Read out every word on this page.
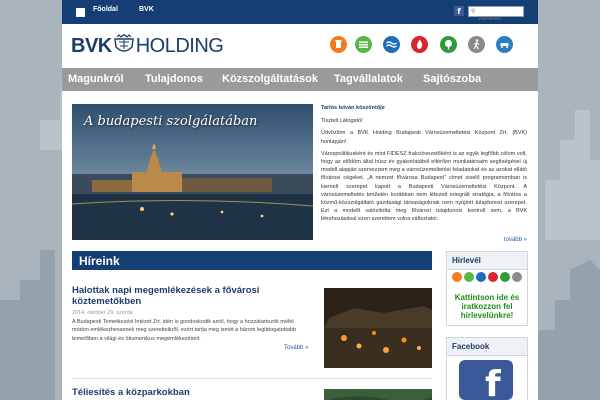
Főoldal	BVK	f	⚲
Keresés
BVK HOLDING
Magunkról Tulajdonos Közszolgáltatások Tagvállalatok Sajtószoba
A budapesti szolgálatában
Tarlós István köszöntője

Tisztelt Látogató!

Üdvözlöm a BVK Holding Budapesti Városüzemeltetési Központ Zrt. (BVK) honlapján!

Várospolitikusként és mint FIDESZ frakcióvezetőként is az egyik legfőbb célom volt, hogy az elődöm által húsz év gyakorlatából eltérően munkatársaim segítségével új modell alapján szervezzem meg a városüzemeltetési feladatokat és az azokat ellátó fővárosi cégeket. „A nemzet fővárosa Budapest” címet viselő programomban is kiemelt szerepet kapott a Budapesti Városüzemeltetési Központ. A városüzemeltetés területén korábban nem létezett integrált stratégia, a főváros a közmű-közszolgáltató gazdasági társaságoknak nem nyújtott tulajdonosi szerepet. Ezt a modellt valósította meg fővárosi tulajdonosi kontroll sem, a BVK létrehozásával ezen szerettem volna változtatni.

tovább »
Híreink
Halottak napi megemlékezések a fővárosi köztemetőkben
2014. október 29. szerda
A Budapesti Temetkezési Intézet Zrt. idén is gondoskodik arról, hogy a hozzátartozók méltó módon emlékezhessenek meg szeretteikről, ezért tartja meg ismét a három leglátogatottabb temetőben a világi és ökumenikus megemlékezéseit.
Tovább »
Téliesítés a közparkokban
Hírlevél
Kattintson ide és iratkozzon fel hírlevelünkre!
Facebook
f
